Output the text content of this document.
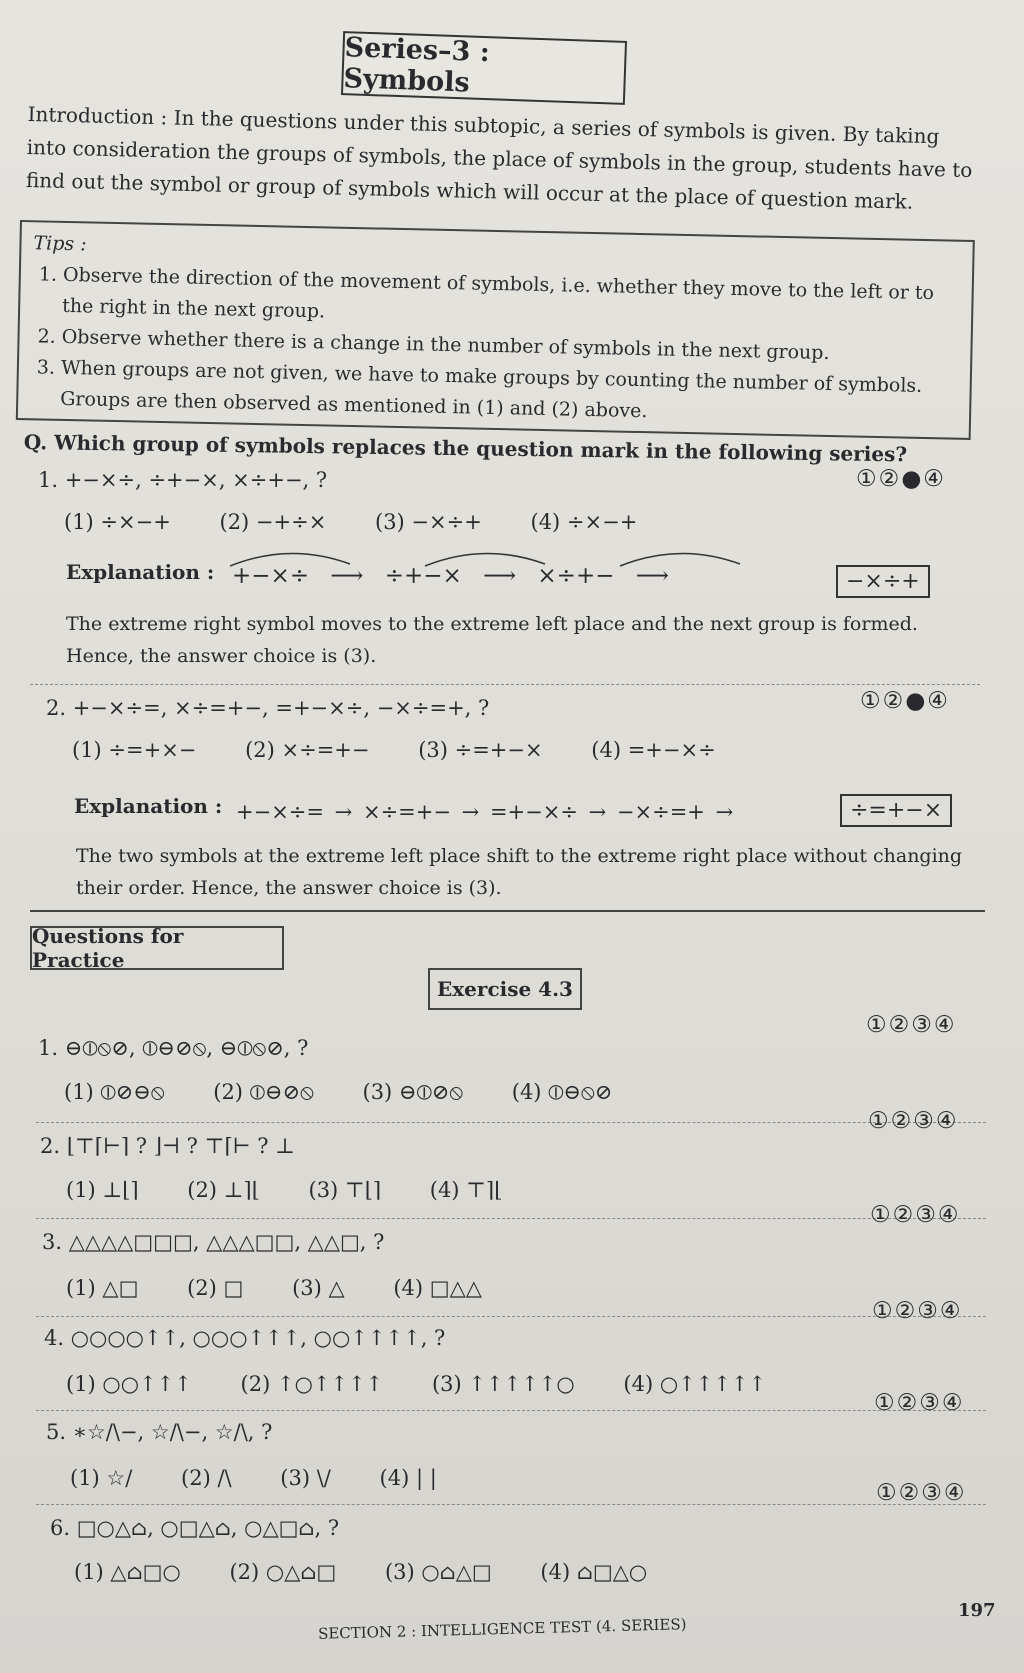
Series–3 : Symbols
Introduction : In the questions under this subtopic, a series of symbols is given. By taking into consideration the groups of symbols, the place of symbols in the group, students have to find out the symbol or group of symbols which will occur at the place of question mark.
Tips :
1. Observe the direction of the movement of symbols, i.e. whether they move to the left or to the right in the next group.
2. Observe whether there is a change in the number of symbols in the next group.
3. When groups are not given, we have to make groups by counting the number of symbols. Groups are then observed as mentioned in (1) and (2) above.
Q. Which group of symbols replaces the question mark in the following series?
1. +−×÷, ÷+−×, ×÷+−, ?	①②●④
(1) ÷×−+ (2) −+÷× (3) −×÷+ (4) ÷×−+
Explanation : +−×÷ ⟶ ÷+−× ⟶ ×÷+− ⟶	−×÷+
The extreme right symbol moves to the extreme left place and the next group is formed. Hence, the answer choice is (3).
2. +−×÷=, ×÷=+−, =+−×÷, −×÷=+, ?	①②●④
(1) ÷=+×− (2) ×÷=+− (3) ÷=+−× (4) =+−×÷
Explanation : +−×÷= → ×÷=+− → =+−×÷ → −×÷=+ →	÷=+−×
The two symbols at the extreme left place shift to the extreme right place without changing their order. Hence, the answer choice is (3).
Questions for Practice
Exercise 4.3
1. ⊖⦶⦸⊘, ⦶⊖⊘⦸, ⊖⦶⦸⊘, ?
①②③④
(1) ⦶⊘⊖⦸ (2) ⦶⊖⊘⦸ (3) ⊖⦶⊘⦸ (4) ⦶⊖⦸⊘
2. ⌊⊤⌈⊢⌉ ? ⌋⊣ ? ⊤⌈⊢ ? ⊥
①②③④
(1) ⊥⌊⌉ (2) ⊥⌉⌊ (3) ⊤⌊⌉ (4) ⊤⌉⌊
3. △△△△□□□, △△△□□, △△□, ?
①②③④
(1) △□ (2) □ (3) △ (4) □△△
4. ○○○○↑↑, ○○○↑↑↑, ○○↑↑↑↑, ?
①②③④
(1) ○○↑↑↑ (2) ↑○↑↑↑↑ (3) ↑↑↑↑↑○ (4) ○↑↑↑↑↑
5. ∗☆/\−, ☆/\−, ☆/\, ?
①②③④
(1) ☆/ (2) /\ (3) \/ (4) | |
6. □○△⌂, ○□△⌂, ○△□⌂, ?
①②③④
(1) △⌂□○ (2) ○△⌂□ (3) ○⌂△□ (4) ⌂□△○
SECTION 2 : INTELLIGENCE TEST (4. SERIES)
197
